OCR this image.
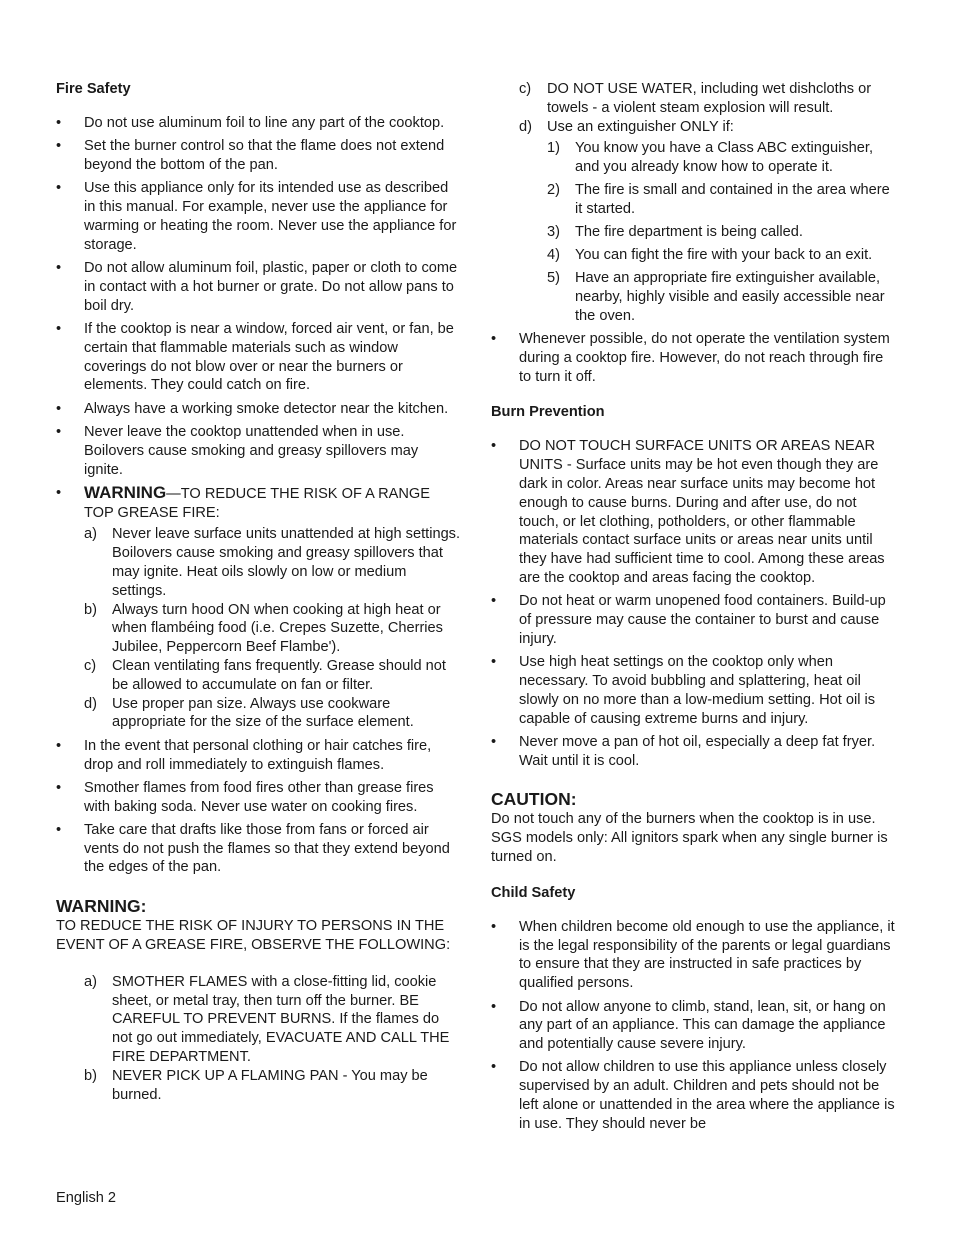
Fire Safety
• Do not use aluminum foil to line any part of the cooktop.
• Set the burner control so that the flame does not extend beyond the bottom of the pan.
• Use this appliance only for its intended use as described in this manual. For example, never use the appliance for warming or heating the room. Never use the appliance for storage.
• Do not allow aluminum foil, plastic, paper or cloth to come in contact with a hot burner or grate. Do not allow pans to boil dry.
• If the cooktop is near a window, forced air vent, or fan, be certain that flammable materials such as window coverings do not blow over or near the burners or elements. They could catch on fire.
• Always have a working smoke detector near the kitchen.
• Never leave the cooktop unattended when in use. Boilovers cause smoking and greasy spillovers may ignite.
• WARNING—TO REDUCE THE RISK OF A RANGE TOP GREASE FIRE:
a) Never leave surface units unattended at high settings. Boilovers cause smoking and greasy spillovers that may ignite. Heat oils slowly on low or medium settings.
b) Always turn hood ON when cooking at high heat or when flambéing food (i.e. Crepes Suzette, Cherries Jubilee, Peppercorn Beef Flambe').
c) Clean ventilating fans frequently. Grease should not be allowed to accumulate on fan or filter.
d) Use proper pan size. Always use cookware appropriate for the size of the surface element.
• In the event that personal clothing or hair catches fire, drop and roll immediately to extinguish flames.
• Smother flames from food fires other than grease fires with baking soda. Never use water on cooking fires.
• Take care that drafts like those from fans or forced air vents do not push the flames so that they extend beyond the edges of the pan.
WARNING:

TO REDUCE THE RISK OF INJURY TO PERSONS IN THE EVENT OF A GREASE FIRE, OBSERVE THE FOLLOWING:

a) SMOTHER FLAMES with a close-fitting lid, cookie sheet, or metal tray, then turn off the burner. BE CAREFUL TO PREVENT BURNS. If the flames do not go out immediately, EVACUATE AND CALL THE FIRE DEPARTMENT.
b) NEVER PICK UP A FLAMING PAN - You may be burned.
c) DO NOT USE WATER, including wet dishcloths or towels - a violent steam explosion will result.
d) Use an extinguisher ONLY if:
1) You know you have a Class ABC extinguisher, and you already know how to operate it.
2) The fire is small and contained in the area where it started.
3) The fire department is being called.
4) You can fight the fire with your back to an exit.
5) Have an appropriate fire extinguisher available, nearby, highly visible and easily accessible near the oven.
• Whenever possible, do not operate the ventilation system during a cooktop fire. However, do not reach through fire to turn it off.
Burn Prevention
• DO NOT TOUCH SURFACE UNITS OR AREAS NEAR UNITS - Surface units may be hot even though they are dark in color. Areas near surface units may become hot enough to cause burns. During and after use, do not touch, or let clothing, potholders, or other flammable materials contact surface units or areas near units until they have had sufficient time to cool. Among these areas are the cooktop and areas facing the cooktop.
• Do not heat or warm unopened food containers. Build-up of pressure may cause the container to burst and cause injury.
• Use high heat settings on the cooktop only when necessary. To avoid bubbling and splattering, heat oil slowly on no more than a low-medium setting. Hot oil is capable of causing extreme burns and injury.
• Never move a pan of hot oil, especially a deep fat fryer. Wait until it is cool.
CAUTION:

Do not touch any of the burners when the cooktop is in use. SGS models only: All ignitors spark when any single burner is turned on.

Child Safety
• When children become old enough to use the appliance, it is the legal responsibility of the parents or legal guardians to ensure that they are instructed in safe practices by qualified persons.
• Do not allow anyone to climb, stand, lean, sit, or hang on any part of an appliance. This can damage the appliance and potentially cause severe injury.
• Do not allow children to use this appliance unless closely supervised by an adult. Children and pets should not be left alone or unattended in the area where the appliance is in use. They should never be
English 2
